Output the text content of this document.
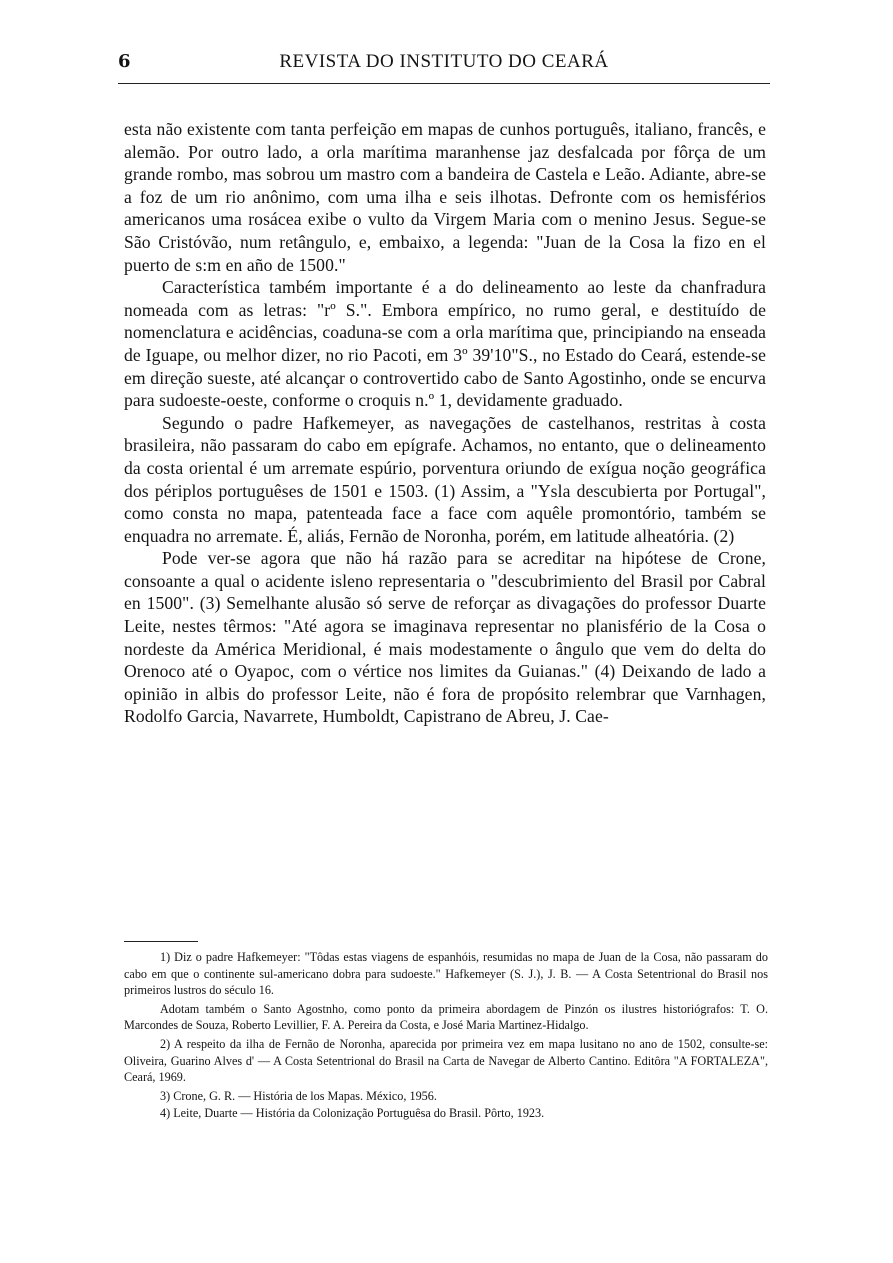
6	REVISTA DO INSTITUTO DO CEARÁ

esta não existente com tanta perfeição em mapas de cunhos português, italiano, francês, e alemão. Por outro lado, a orla marítima maranhense jaz desfalcada por fôrça de um grande rombo, mas sobrou um mastro com a bandeira de Castela e Leão. Adiante, abre-se a foz de um rio anônimo, com uma ilha e seis ilhotas. Defronte com os hemisférios americanos uma rosácea exibe o vulto da Virgem Maria com o menino Jesus. Segue-se São Cristóvão, num retângulo, e, embaixo, a legenda: "Juan de la Cosa la fizo en el puerto de s:m en año de 1500."

Característica também importante é a do delineamento ao leste da chanfradura nomeada com as letras: "rº S.". Embora empírico, no rumo geral, e destituído de nomenclatura e acidências, coaduna-se com a orla marítima que, principiando na enseada de Iguape, ou melhor dizer, no rio Pacoti, em 3º 39'10"S., no Estado do Ceará, estende-se em direção sueste, até alcançar o controvertido cabo de Santo Agostinho, onde se encurva para sudoeste-oeste, conforme o croquis n.º 1, devidamente graduado.

Segundo o padre Hafkemeyer, as navegações de castelhanos, restritas à costa brasileira, não passaram do cabo em epígrafe. Achamos, no entanto, que o delineamento da costa oriental é um arremate espúrio, porventura oriundo de exígua noção geográfica dos périplos portuguêses de 1501 e 1503. (1) Assim, a "Ysla descubierta por Portugal", como consta no mapa, patenteada face a face com aquêle promontório, também se enquadra no arremate. É, aliás, Fernão de Noronha, porém, em latitude alheatória. (2)

Pode ver-se agora que não há razão para se acreditar na hipótese de Crone, consoante a qual o acidente isleno representaria o "descubrimiento del Brasil por Cabral en 1500". (3) Semelhante alusão só serve de reforçar as divagações do professor Duarte Leite, nestes têrmos: "Até agora se imaginava representar no planisfério de la Cosa o nordeste da América Meridional, é mais modestamente o ângulo que vem do delta do Orenoco até o Oyapoc, com o vértice nos limites da Guianas." (4) Deixando de lado a opinião in albis do professor Leite, não é fora de propósito relembrar que Varnhagen, Rodolfo Garcia, Navarrete, Humboldt, Capistrano de Abreu, J. Cae-

1) Diz o padre Hafkemeyer: "Tôdas estas viagens de espanhóis, resumidas no mapa de Juan de la Cosa, não passaram do cabo em que o continente sul-americano dobra para sudoeste." Hafkemeyer (S. J.), J. B. — A Costa Setentrional do Brasil nos primeiros lustros do século 16.

Adotam também o Santo Agostnho, como ponto da primeira abordagem de Pinzón os ilustres historiógrafos: T. O. Marcondes de Souza, Roberto Levillier, F. A. Pereira da Costa, e José Maria Martinez-Hidalgo.

2) A respeito da ilha de Fernão de Noronha, aparecida por primeira vez em mapa lusitano no ano de 1502, consulte-se: Oliveira, Guarino Alves d' — A Costa Setentrional do Brasil na Carta de Navegar de Alberto Cantino. Editôra "A FORTALEZA", Ceará, 1969.

3) Crone, G. R. — História de los Mapas. México, 1956.

4) Leite, Duarte — História da Colonização Portuguêsa do Brasil. Pôrto, 1923.
